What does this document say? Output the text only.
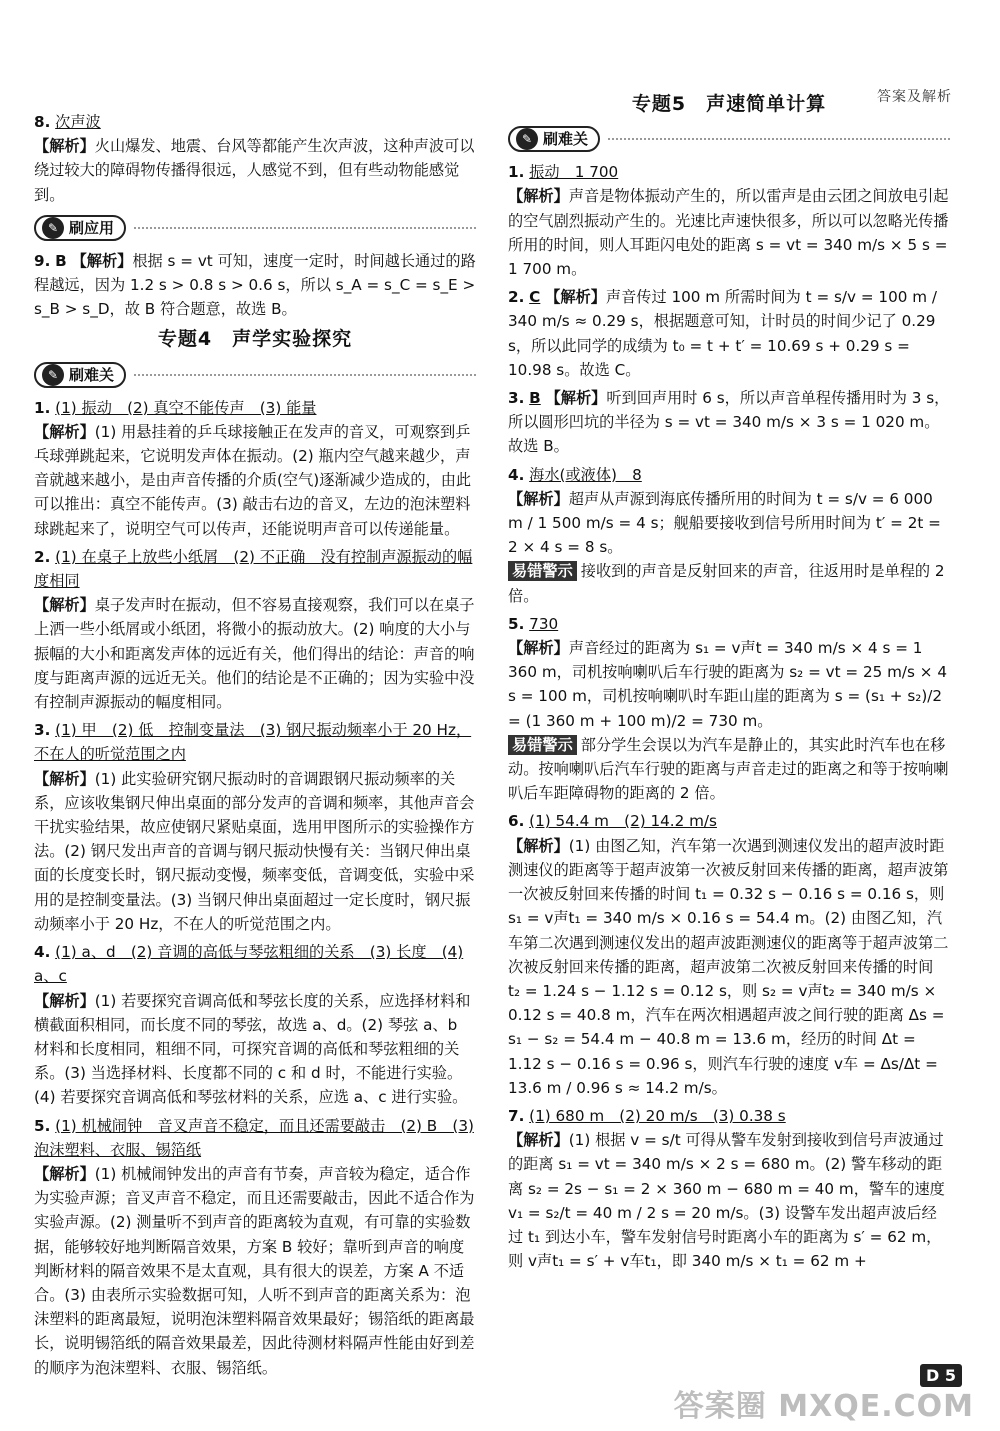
答案及解析
8. 次声波
【解析】火山爆发、地震、台风等都能产生次声波，这种声波可以绕过较大的障碍物传播得很远，人感觉不到，但有些动物能感觉到。
✎ 刷应用
9. B 【解析】根据 s = vt 可知，速度一定时，时间越长通过的路程越远，因为 1.2 s > 0.8 s > 0.6 s，所以 s_A = s_C = s_E > s_B > s_D，故 B 符合题意，故选 B。
专题4　声学实验探究
✎ 刷难关
1. (1) 振动　(2) 真空不能传声　(3) 能量
【解析】(1) 用悬挂着的乒乓球接触正在发声的音叉，可观察到乒乓球弹跳起来，它说明发声体在振动。(2) 瓶内空气越来越少，声音就越来越小，是由声音传播的介质(空气)逐渐减少造成的，由此可以推出：真空不能传声。(3) 敲击右边的音叉，左边的泡沫塑料球跳起来了，说明空气可以传声，还能说明声音可以传递能量。
2. (1) 在桌子上放些小纸屑　(2) 不正确　没有控制声源振动的幅度相同
【解析】桌子发声时在振动，但不容易直接观察，我们可以在桌子上洒一些小纸屑或小纸团，将微小的振动放大。(2) 响度的大小与振幅的大小和距离发声体的远近有关，他们得出的结论：声音的响度与距离声源的远近无关。他们的结论是不正确的；因为实验中没有控制声源振动的幅度相同。
3. (1) 甲　(2) 低　控制变量法　(3) 钢尺振动频率小于 20 Hz，不在人的听觉范围之内
【解析】(1) 此实验研究钢尺振动时的音调跟钢尺振动频率的关系，应该收集钢尺伸出桌面的部分发声的音调和频率，其他声音会干扰实验结果，故应使钢尺紧贴桌面，选用甲图所示的实验操作方法。(2) 钢尺发出声音的音调与钢尺振动快慢有关：当钢尺伸出桌面的长度变长时，钢尺振动变慢，频率变低，音调变低，实验中采用的是控制变量法。(3) 当钢尺伸出桌面超过一定长度时，钢尺振动频率小于 20 Hz，不在人的听觉范围之内。
4. (1) a、d　(2) 音调的高低与琴弦粗细的关系　(3) 长度　(4) a、c
【解析】(1) 若要探究音调高低和琴弦长度的关系，应选择材料和横截面积相同，而长度不同的琴弦，故选 a、d。(2) 琴弦 a、b 材料和长度相同，粗细不同，可探究音调的高低和琴弦粗细的关系。(3) 当选择材料、长度都不同的 c 和 d 时，不能进行实验。(4) 若要探究音调高低和琴弦材料的关系，应选 a、c 进行实验。
5. (1) 机械闹钟　音叉声音不稳定，而且还需要敲击　(2) B　(3) 泡沫塑料、衣服、锡箔纸
【解析】(1) 机械闹钟发出的声音有节奏，声音较为稳定，适合作为实验声源；音叉声音不稳定，而且还需要敲击，因此不适合作为实验声源。(2) 测量听不到声音的距离较为直观，有可靠的实验数据，能够较好地判断隔音效果，方案 B 较好；靠听到声音的响度判断材料的隔音效果不是太直观，具有很大的误差，方案 A 不适合。(3) 由表所示实验数据可知，人听不到声音的距离关系为：泡沫塑料的距离最短，说明泡沫塑料隔音效果最好；锡箔纸的距离最长，说明锡箔纸的隔音效果最差，因此待测材料隔声性能由好到差的顺序为泡沫塑料、衣服、锡箔纸。
专题5　声速简单计算
✎ 刷难关
1. 振动　1 700
【解析】声音是物体振动产生的，所以雷声是由云团之间放电引起的空气剧烈振动产生的。光速比声速快很多，所以可以忽略光传播所用的时间，则人耳距闪电处的距离 s = vt = 340 m/s × 5 s = 1 700 m。
2. C 【解析】声音传过 100 m 所需时间为 t = s/v = 100 m / 340 m/s ≈ 0.29 s，根据题意可知，计时员的时间少记了 0.29 s，所以此同学的成绩为 t₀ = t + t′ = 10.69 s + 0.29 s = 10.98 s。故选 C。
3. B 【解析】听到回声用时 6 s，所以声音单程传播用时为 3 s，所以圆形凹坑的半径为 s = vt = 340 m/s × 3 s = 1 020 m。故选 B。
4. 海水(或液体)　8
【解析】超声从声源到海底传播所用的时间为 t = s/v = 6 000 m / 1 500 m/s = 4 s；舰船要接收到信号所用时间为 t′ = 2t = 2 × 4 s = 8 s。
易错警示 接收到的声音是反射回来的声音，往返用时是单程的 2 倍。
5. 730
【解析】声音经过的距离为 s₁ = v声t = 340 m/s × 4 s = 1 360 m，司机按响喇叭后车行驶的距离为 s₂ = vt = 25 m/s × 4 s = 100 m，司机按响喇叭时车距山崖的距离为 s = (s₁ + s₂)/2 = (1 360 m + 100 m)/2 = 730 m。
易错警示 部分学生会误以为汽车是静止的，其实此时汽车也在移动。按响喇叭后汽车行驶的距离与声音走过的距离之和等于按响喇叭后车距障碍物的距离的 2 倍。
6. (1) 54.4 m　(2) 14.2 m/s
【解析】(1) 由图乙知，汽车第一次遇到测速仪发出的超声波时距测速仪的距离等于超声波第一次被反射回来传播的距离，超声波第一次被反射回来传播的时间 t₁ = 0.32 s − 0.16 s = 0.16 s，则 s₁ = v声t₁ = 340 m/s × 0.16 s = 54.4 m。(2) 由图乙知，汽车第二次遇到测速仪发出的超声波距测速仪的距离等于超声波第二次被反射回来传播的距离，超声波第二次被反射回来传播的时间 t₂ = 1.24 s − 1.12 s = 0.12 s，则 s₂ = v声t₂ = 340 m/s × 0.12 s = 40.8 m，汽车在两次相遇超声波之间行驶的距离 Δs = s₁ − s₂ = 54.4 m − 40.8 m = 13.6 m，经历的时间 Δt = 1.12 s − 0.16 s = 0.96 s，则汽车行驶的速度 v车 = Δs/Δt = 13.6 m / 0.96 s ≈ 14.2 m/s。
7. (1) 680 m　(2) 20 m/s　(3) 0.38 s
【解析】(1) 根据 v = s/t 可得从警车发射到接收到信号声波通过的距离 s₁ = vt = 340 m/s × 2 s = 680 m。(2) 警车移动的距离 s₂ = 2s − s₁ = 2 × 360 m − 680 m = 40 m，警车的速度 v₁ = s₂/t = 40 m / 2 s = 20 m/s。(3) 设警车发出超声波后经过 t₁ 到达小车，警车发射信号时距离小车的距离为 s′ = 62 m，则 v声t₁ = s′ + v车t₁，即 340 m/s × t₁ = 62 m +
D 5
答案圈 MXQE.COM
